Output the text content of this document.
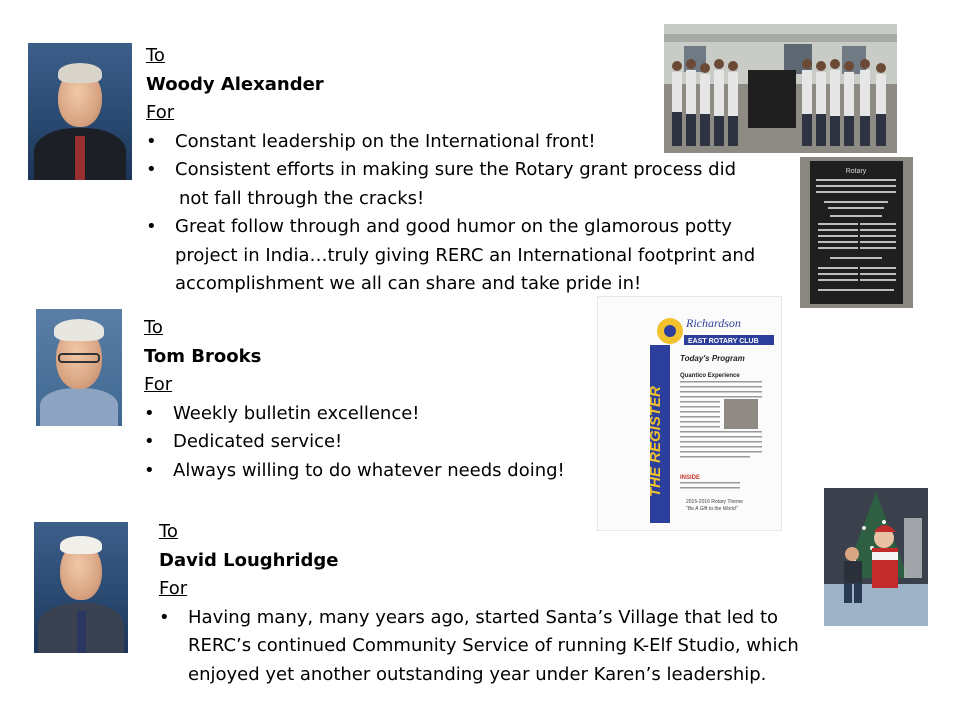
To
Woody Alexander
For
• Constant leadership on the International front!
• Consistent efforts in making sure the Rotary grant process did
not fall through the cracks!
• Great follow through and good humor on the glamorous potty
project in India…truly giving RERC an International footprint and
accomplishment we all can share and take pride in!
Rotary
To
Tom Brooks
For
• Weekly bulletin excellence!
• Dedicated service!
• Always willing to do whatever needs doing!	THE REGISTER
Richardson
EAST ROTARY CLUB
Today's Program
Quantico Experience
INSIDE
2015-2016 Rotary Theme
"Be A Gift to the World"
To
David Loughridge
For
• Having many, many years ago, started Santa’s Village that led to
RERC’s continued Community Service of running K-Elf Studio, which
enjoyed yet another outstanding year under Karen’s leadership.
